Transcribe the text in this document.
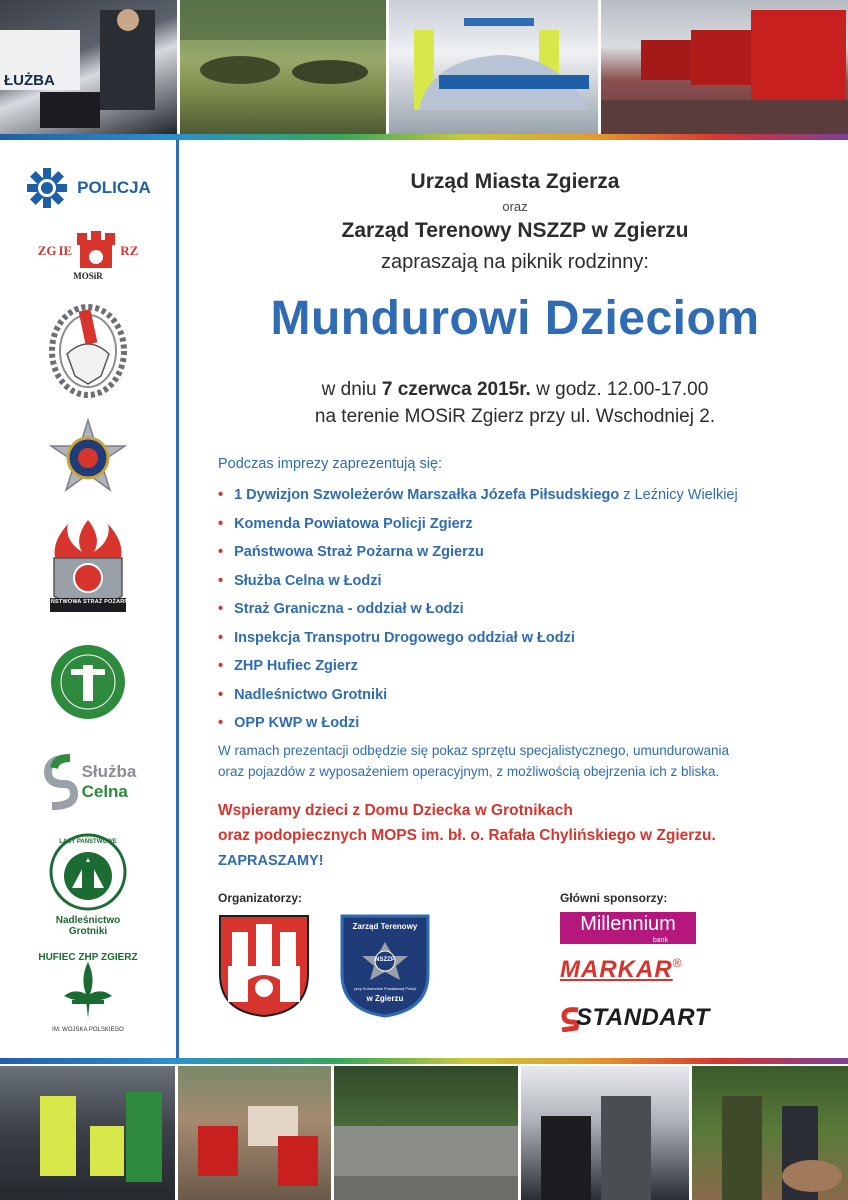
ŁUŻBA
POLICJA
ZG IE	RZ
MOSiR
PAŃSTWOWA STRAŻ POŻARNA
Służba
Celna
LASY PAŃSTWOWE
Nadleśnictwo
Grotniki
HUFIEC ZHP ZGIERZ
IM. WOJSKA POLSKIEGO
Urząd Miasta Zgierza
oraz
Zarząd Terenowy NSZZP w Zgierzu
zapraszają na piknik rodzinny:
Mundurowi Dzieciom
w dniu 7 czerwca 2015r. w godz. 12.00-17.00
na terenie MOSiR Zgierz przy ul. Wschodniej 2.
Podczas imprezy zaprezentują się:
• 1 Dywizjon Szwoleżerów Marszałka Józefa Piłsudskiego z Leźnicy Wielkiej
• Komenda Powiatowa Policji Zgierz
• Państwowa Straż Pożarna w Zgierzu
• Służba Celna w Łodzi
• Straż Graniczna - oddział w Łodzi
• Inspekcja Transpotru Drogowego oddział w Łodzi
• ZHP Hufiec Zgierz
• Nadleśnictwo Grotniki
• OPP KWP w Łodzi
W ramach prezentacji odbędzie się pokaz sprzętu specjalistycznego, umundurowania
oraz pojazdów z wyposażeniem operacyjnym, z możliwością obejrzenia ich z bliska.
Wspieramy dzieci z Domu Dziecka w Grotnikach
oraz podopiecznych MOPS im. bł. o. Rafała Chylińskiego w Zgierzu.
ZAPRASZAMY!
Organizatorzy:	Główni sponsorzy:
Zarząd Terenowy
NSZZP
przy Komendzie Powiatowej Policji
w Zgierzu
Millennium
bank
MARKAR ®
STANDART
